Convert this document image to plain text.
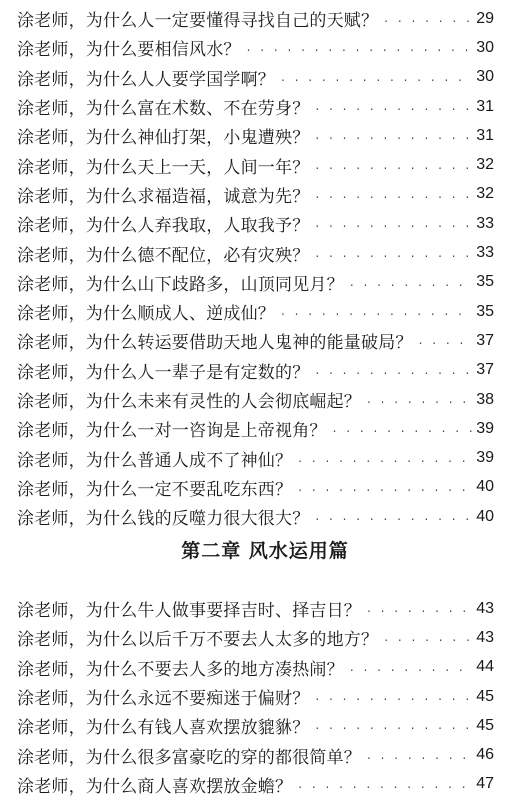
涂老师，为什么人一定要懂得寻找自己的天赋？ . . .	29
涂老师，为什么要相信风水？ . . .	30
涂老师，为什么人人要学国学啊？ . . .	30
涂老师，为什么富在术数、不在劳身？ . . .	31
涂老师，为什么神仙打架，小鬼遭殃？ . . .	31
涂老师，为什么天上一天，人间一年？ . . .	32
涂老师，为什么求福造福，诚意为先？ . . .	32
涂老师，为什么人弃我取，人取我予？ . . .	33
涂老师，为什么德不配位，必有灾殃？ . . .	33
涂老师，为什么山下歧路多，山顶同见月？ . . .	35
涂老师，为什么顺成人、逆成仙？ . . .	35
涂老师，为什么转运要借助天地人鬼神的能量破局？ . . .	37
涂老师，为什么人一辈子是有定数的？ . . .	37
涂老师，为什么未来有灵性的人会彻底崛起？ . . .	38
涂老师，为什么一对一咨询是上帝视角？ . . .	39
涂老师，为什么普通人成不了神仙？ . . .	39
涂老师，为什么一定不要乱吃东西？ . . .	40
涂老师，为什么钱的反噬力很大很大？ . . .	40
第二章 风水运用篇
涂老师，为什么牛人做事要择吉时、择吉日？ . . .	43
涂老师，为什么以后千万不要去人太多的地方？ . . .	43
涂老师，为什么不要去人多的地方凑热闹？ . . .	44
涂老师，为什么永远不要痴迷于偏财？ . . .	45
涂老师，为什么有钱人喜欢摆放貔貅？ . . .	45
涂老师，为什么很多富豪吃的穿的都很简单？ . . .	46
涂老师，为什么商人喜欢摆放金蟾？ . . .	47
